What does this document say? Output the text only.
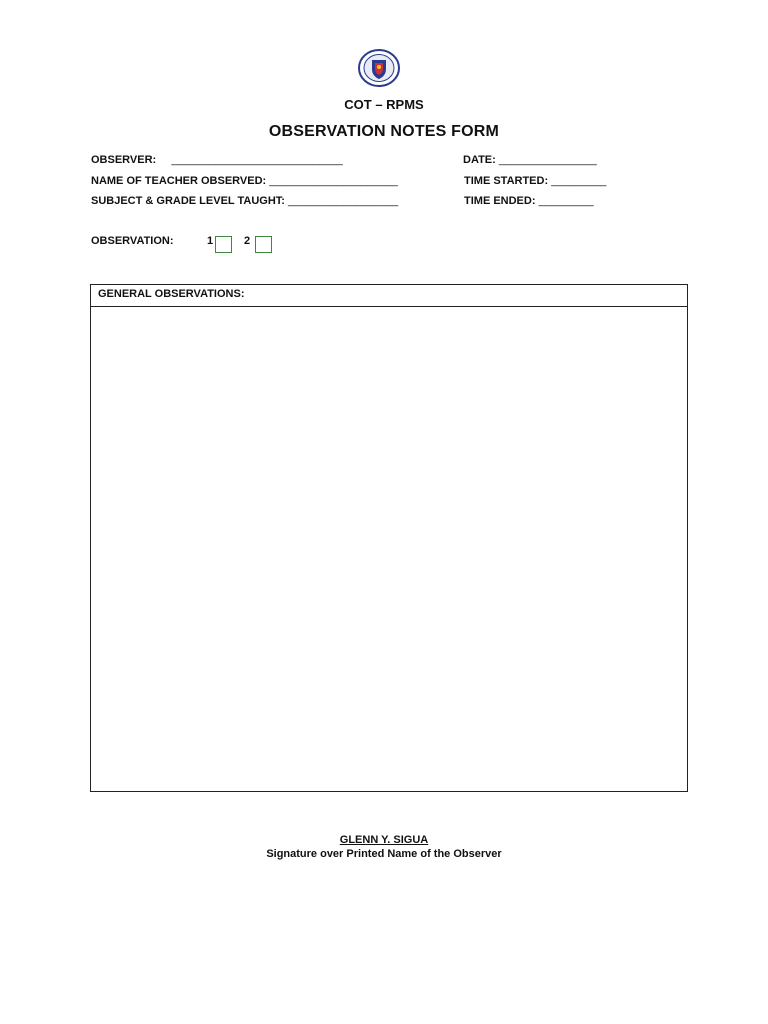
COT – RPMS
OBSERVATION NOTES FORM
OBSERVER: ____________________________	DATE: ________________
NAME OF TEACHER OBSERVED: _____________________	TIME STARTED: _________
SUBJECT & GRADE LEVEL TAUGHT: __________________	TIME ENDED: _________
OBSERVATION:	1	2
GENERAL OBSERVATIONS:
GLENN Y. SIGUA
Signature over Printed Name of the Observer
